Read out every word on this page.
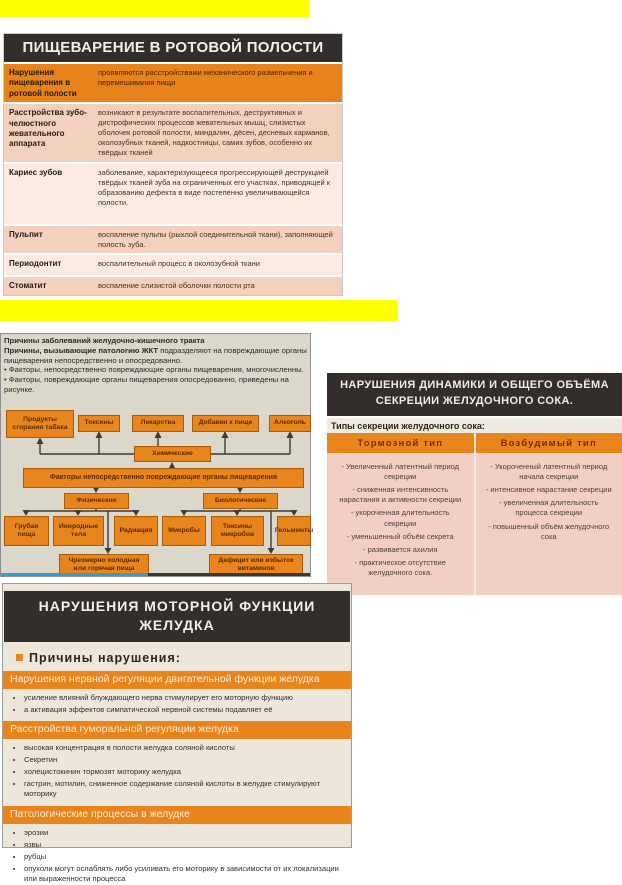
ПИЩЕВАРЕНИЕ В РОТОВОЙ ПОЛОСТИ
Нарушения пищеварения в ротовой полости
проявляются расстройствами механического размельчения и перемешивания пищи
Расстройства зубо-челюстного жевательного аппарата
возникают в результате воспалительных, деструктивных и дистрофических процессов жевательных мышц, слизистых оболочек ротовой полости, миндалин, дёсен, десневых карманов, околозубных тканей, надкостницы, самих зубов, особенно их твёрдых тканей
Кариес зубов	заболевание, характеризующееся прогрессирующей деструкцией твёрдых тканей зуба на ограниченных его участках, приводящей к образованию дефекта в виде постепенно увеличивающейся полости.
Пульпит	воспаление пульпы (рыхлой соединительной ткани), заполняющей полость зуба.
Периодонтит	воспалительный процесс в околозубной ткани
Стоматит	воспаление слизистой оболочки полости рта
Причины заболеваний желудочно-кишечного тракта
Причины, вызывающие патологию ЖКТ подразделяют на повреждающие органы пищеварения непосредственно и опосредованно.
• Факторы, непосредственно повреждающие органы пищеварения, многочисленны.
• Факторы, повреждающие органы пищеварения опосредованно, приведены на рисунке.
Продукты сгорания табака
Токсины	Лекарства	Добавки к пище	Алкоголь
Химические
Факторы непосредственно повреждающие органы пищеварения
Физические	Биологические
Грубая пища
Инородные тела
Радиация	Микробы
Токсины микробов
Гельминты
Чрезмерно холодная или горячая пища
Дефицит или избыток витаминов
НАРУШЕНИЯ ДИНАМИКИ И ОБЩЕГО ОБЪЁМА
СЕКРЕЦИИ ЖЕЛУДОЧНОГО СОКА.
Типы секреции желудочного сока:
Тормозной тип	Возбудимый тип
- Увеличенный латентный период секреции
- сниженная интенсивность нарастания и активности секреции
- укороченная длительность секреции
- уменьшенный объём секрета
- развивается ахилия
- практическое отсутствие желудочного сока.
- Укороченный латентный период начала секреции
- интенсивное нарастание секреции
- увеличенная длительность процесса секреции
- повышенный объём желудочного сока
НАРУШЕНИЯ МОТОРНОЙ ФУНКЦИИ
ЖЕЛУДКА
Причины нарушения:
Нарушения нервной регуляции двигательной функции желудка
• усиление влияний блуждающего нерва стимулирует его моторную функцию
• а активация эффектов симпатической нервной системы подавляет её
Расстройства гуморальной регуляции желудка
• высокая концентрация в полости желудка соляной кислоты
• Секретин
• холецистокинин тормозят моторику желудка
• гастрин, мотилин, сниженное содержание соляной кислоты в желудке стимулируют моторику
Патологические процессы в желудке
• эрозии
• язвы
• рубцы
• опухоли могут ослаблять либо усиливать его моторику в зависимости от их локализации или выраженности процесса
